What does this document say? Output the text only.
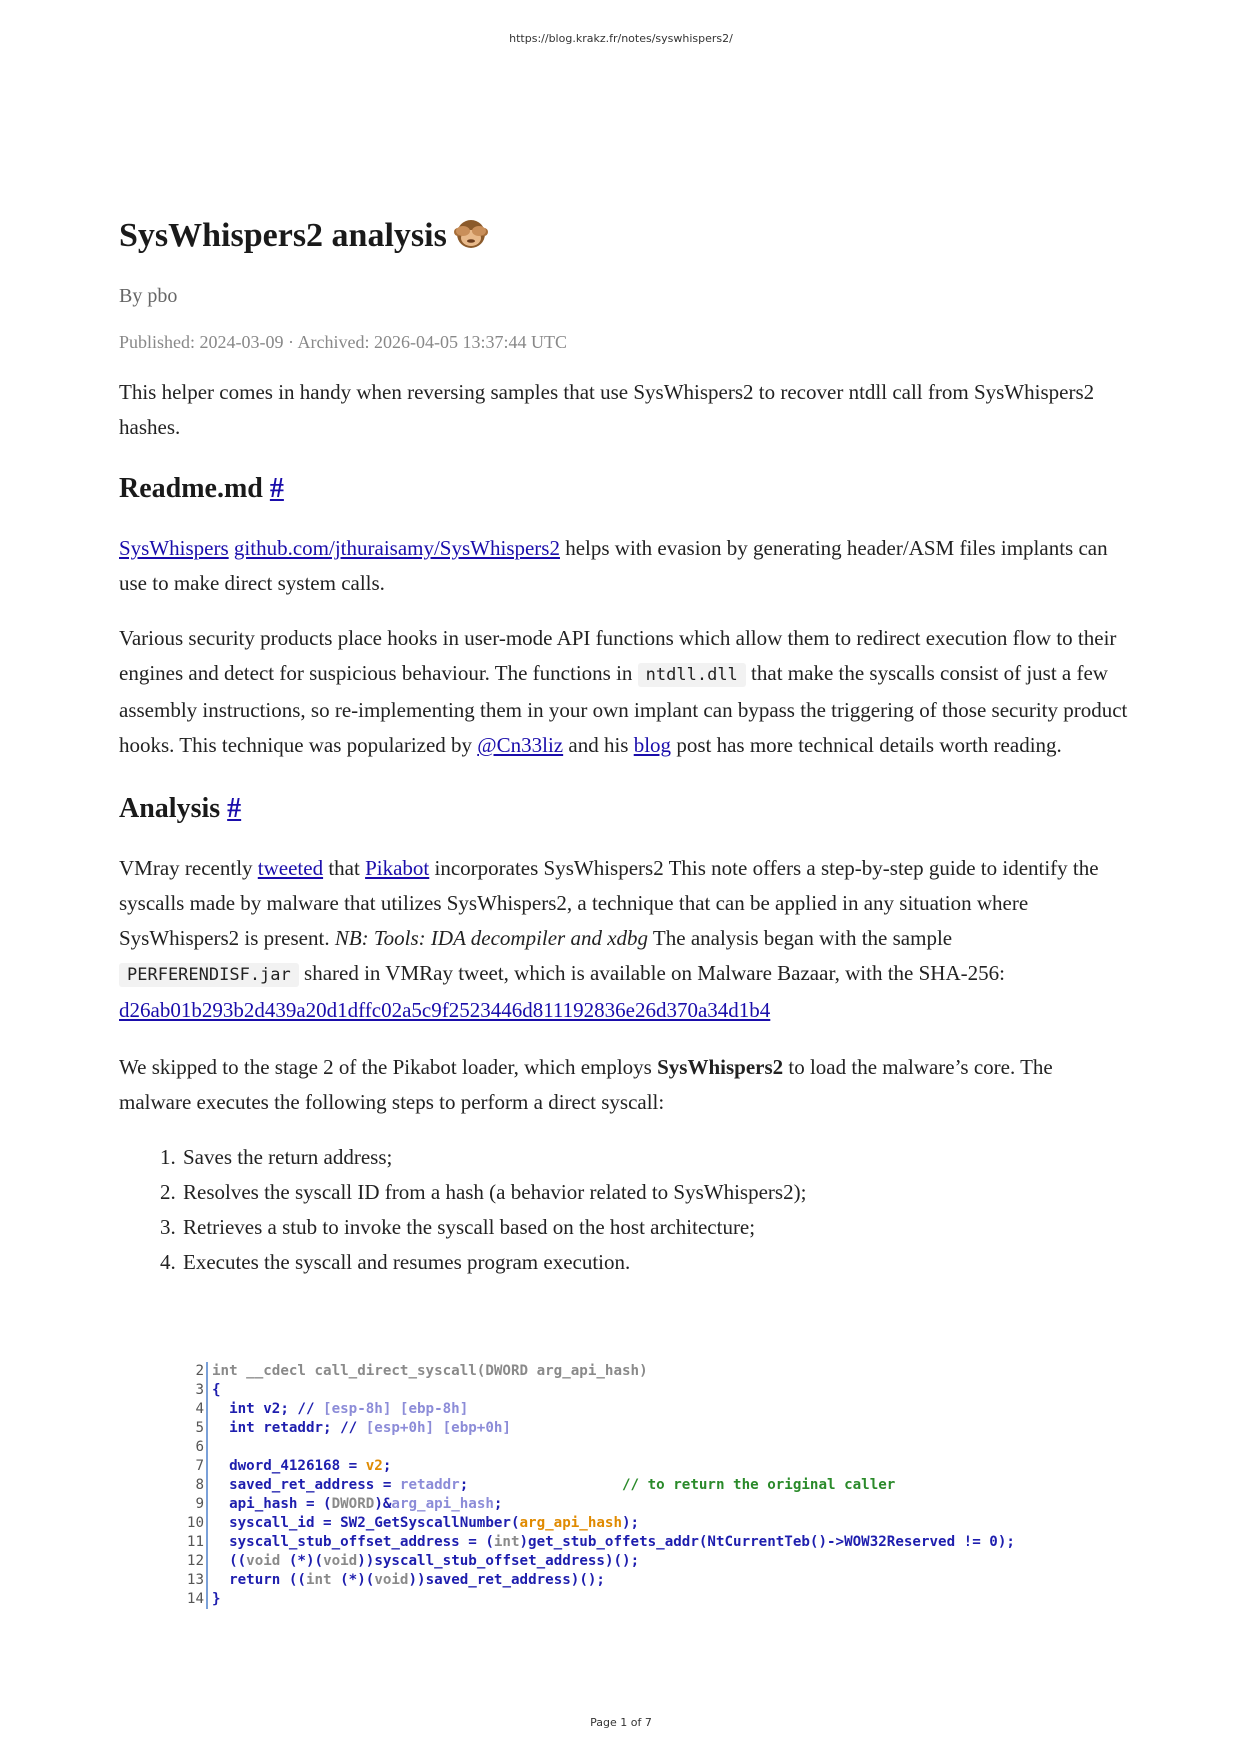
https://blog.krakz.fr/notes/syswhispers2/
SysWhispers2 analysis
By pbo
Published: 2024-03-09 · Archived: 2026-04-05 13:37:44 UTC

This helper comes in handy when reversing samples that use SysWhispers2 to recover ntdll call from SysWhispers2 hashes.

Readme.md #

SysWhispers github.com/jthuraisamy/SysWhispers2 helps with evasion by generating header/ASM files implants can use to make direct system calls.

Various security products place hooks in user-mode API functions which allow them to redirect execution flow to their engines and detect for suspicious behaviour. The functions in ntdll.dll that make the syscalls consist of just a few assembly instructions, so re-implementing them in your own implant can bypass the triggering of those security product hooks. This technique was popularized by @Cn33liz and his blog post has more technical details worth reading.

Analysis #

VMray recently tweeted that Pikabot incorporates SysWhispers2 This note offers a step-by-step guide to identify the syscalls made by malware that utilizes SysWhispers2, a technique that can be applied in any situation where SysWhispers2 is present. NB: Tools: IDA decompiler and xdbg The analysis began with the sample PERFERENDISF.jar shared in VMRay tweet, which is available on Malware Bazaar, with the SHA-256: d26ab01b293b2d439a20d1dffc02a5c9f2523446d811192836e26d370a34d1b4

We skipped to the stage 2 of the Pikabot loader, which employs SysWhispers2 to load the malware’s core. The malware executes the following steps to perform a direct syscall:

1. Saves the return address;
2. Resolves the syscall ID from a hash (a behavior related to SysWhispers2);
3. Retrieves a stub to invoke the syscall based on the host architecture;
4. Executes the syscall and resumes program execution.
2 int __cdecl call_direct_syscall( DWORD arg_api_hash)
3 {
4 int v2; // [esp-8h] [ebp-8h]
5 int retaddr; // [esp+0h] [ebp+0h]
6
7 dword_4126168 = v2 ;
8 saved_ret_address = retaddr ;
	// to return the original caller
9 api_hash = ( DWORD )& arg_api_hash ;
10 syscall_id = SW2_GetSyscallNumber( arg_api_hash );
11 syscall_stub_offset_address = ( int )get_stub_offets_addr(NtCurrentTeb()->WOW32Reserved != 0);
12 (( void (*)( void ))syscall_stub_offset_address)();
13 return (( int (*)( void ))saved_ret_address)();
14 }
Page 1 of 7
